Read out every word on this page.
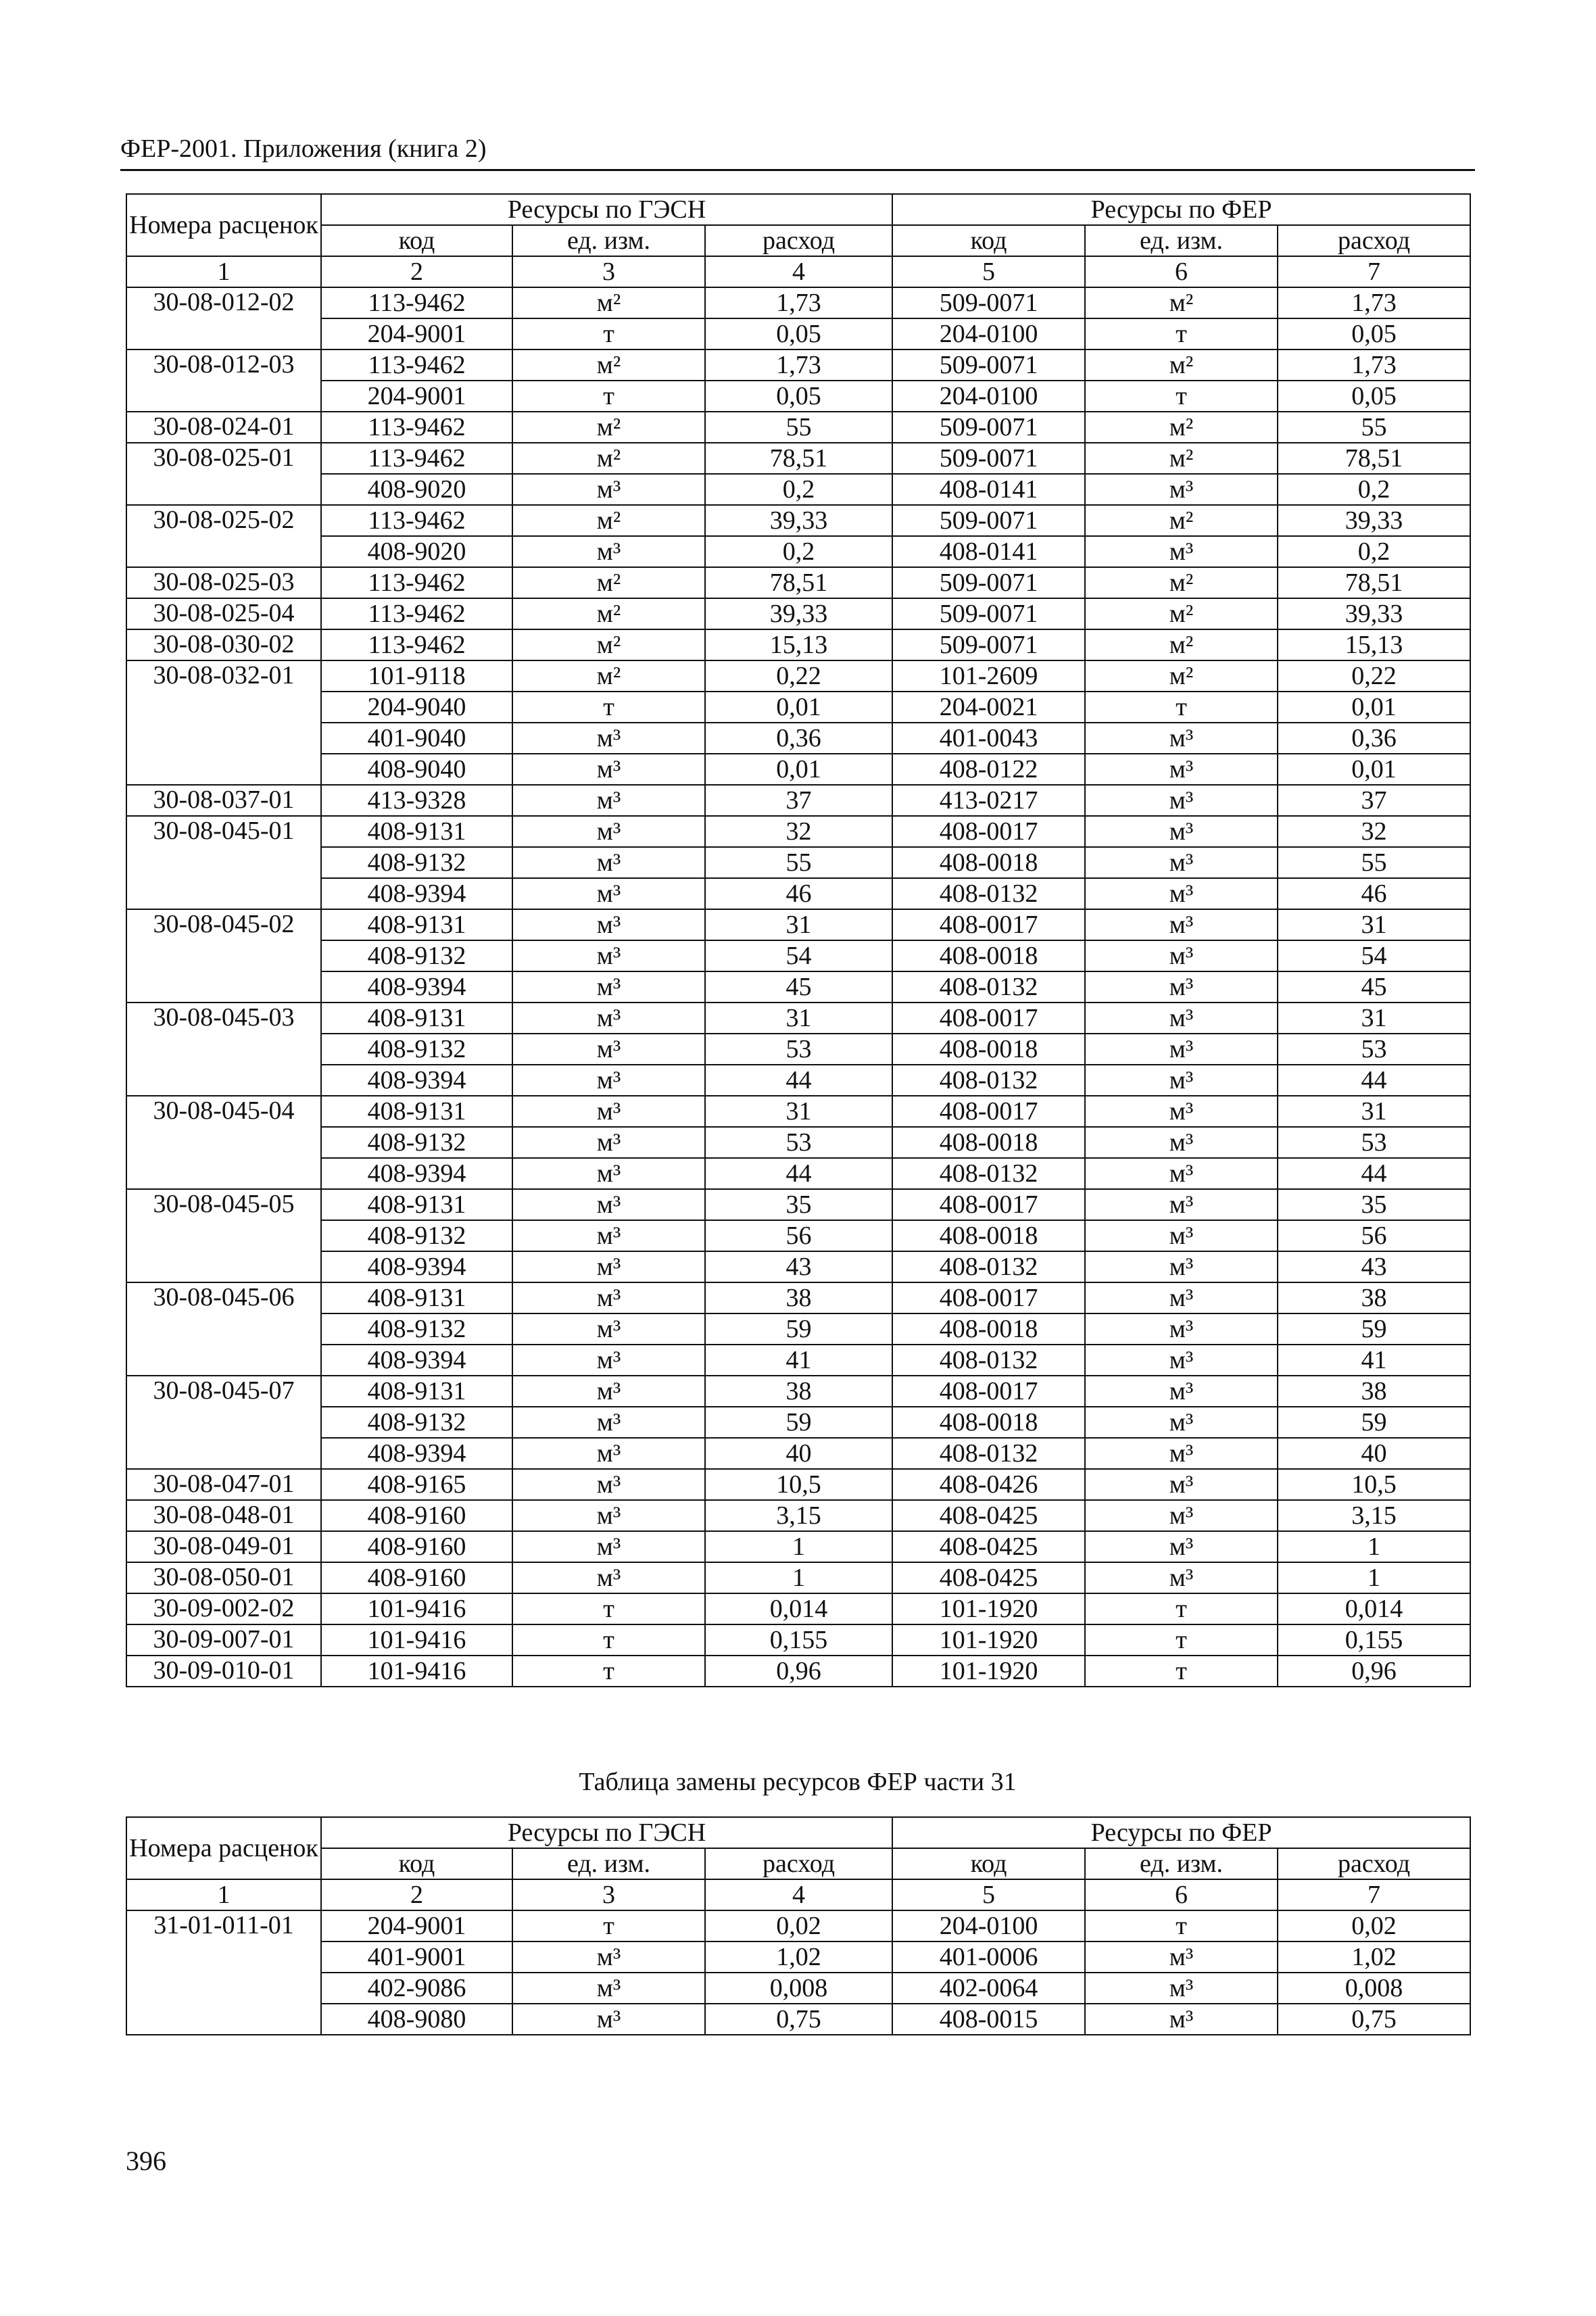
ФЕР-2001. Приложения (книга 2)
Номера расценок	Ресурсы по ГЭСН			Ресурсы по ФЕР		
	код	ед. изм.	расход	код	ед. изм.	расход
1	2	3	4	5	6	7
30-08-012-02	113-9462	м²	1,73	509-0071	м²	1,73
	204-9001	т	0,05	204-0100	т	0,05
30-08-012-03	113-9462	м²	1,73	509-0071	м²	1,73
	204-9001	т	0,05	204-0100	т	0,05
30-08-024-01	113-9462	м²	55	509-0071	м²	55
30-08-025-01	113-9462	м²	78,51	509-0071	м²	78,51
	408-9020	м³	0,2	408-0141	м³	0,2
30-08-025-02	113-9462	м²	39,33	509-0071	м²	39,33
	408-9020	м³	0,2	408-0141	м³	0,2
30-08-025-03	113-9462	м²	78,51	509-0071	м²	78,51
30-08-025-04	113-9462	м²	39,33	509-0071	м²	39,33
30-08-030-02	113-9462	м²	15,13	509-0071	м²	15,13
30-08-032-01	101-9118	м²	0,22	101-2609	м²	0,22
	204-9040	т	0,01	204-0021	т	0,01
	401-9040	м³	0,36	401-0043	м³	0,36
	408-9040	м³	0,01	408-0122	м³	0,01
30-08-037-01	413-9328	м³	37	413-0217	м³	37
30-08-045-01	408-9131	м³	32	408-0017	м³	32
	408-9132	м³	55	408-0018	м³	55
	408-9394	м³	46	408-0132	м³	46
30-08-045-02	408-9131	м³	31	408-0017	м³	31
	408-9132	м³	54	408-0018	м³	54
	408-9394	м³	45	408-0132	м³	45
30-08-045-03	408-9131	м³	31	408-0017	м³	31
	408-9132	м³	53	408-0018	м³	53
	408-9394	м³	44	408-0132	м³	44
30-08-045-04	408-9131	м³	31	408-0017	м³	31
	408-9132	м³	53	408-0018	м³	53
	408-9394	м³	44	408-0132	м³	44
30-08-045-05	408-9131	м³	35	408-0017	м³	35
	408-9132	м³	56	408-0018	м³	56
	408-9394	м³	43	408-0132	м³	43
30-08-045-06	408-9131	м³	38	408-0017	м³	38
	408-9132	м³	59	408-0018	м³	59
	408-9394	м³	41	408-0132	м³	41
30-08-045-07	408-9131	м³	38	408-0017	м³	38
	408-9132	м³	59	408-0018	м³	59
	408-9394	м³	40	408-0132	м³	40
30-08-047-01	408-9165	м³	10,5	408-0426	м³	10,5
30-08-048-01	408-9160	м³	3,15	408-0425	м³	3,15
30-08-049-01	408-9160	м³	1	408-0425	м³	1
30-08-050-01	408-9160	м³	1	408-0425	м³	1
30-09-002-02	101-9416	т	0,014	101-1920	т	0,014
30-09-007-01	101-9416	т	0,155	101-1920	т	0,155
30-09-010-01	101-9416	т	0,96	101-1920	т	0,96
Таблица замены ресурсов ФЕР части 31
Номера расценок	Ресурсы по ГЭСН			Ресурсы по ФЕР		
	код	ед. изм.	расход	код	ед. изм.	расход
1	2	3	4	5	6	7
31-01-011-01	204-9001	т	0,02	204-0100	т	0,02
	401-9001	м³	1,02	401-0006	м³	1,02
	402-9086	м³	0,008	402-0064	м³	0,008
	408-9080	м³	0,75	408-0015	м³	0,75
396
